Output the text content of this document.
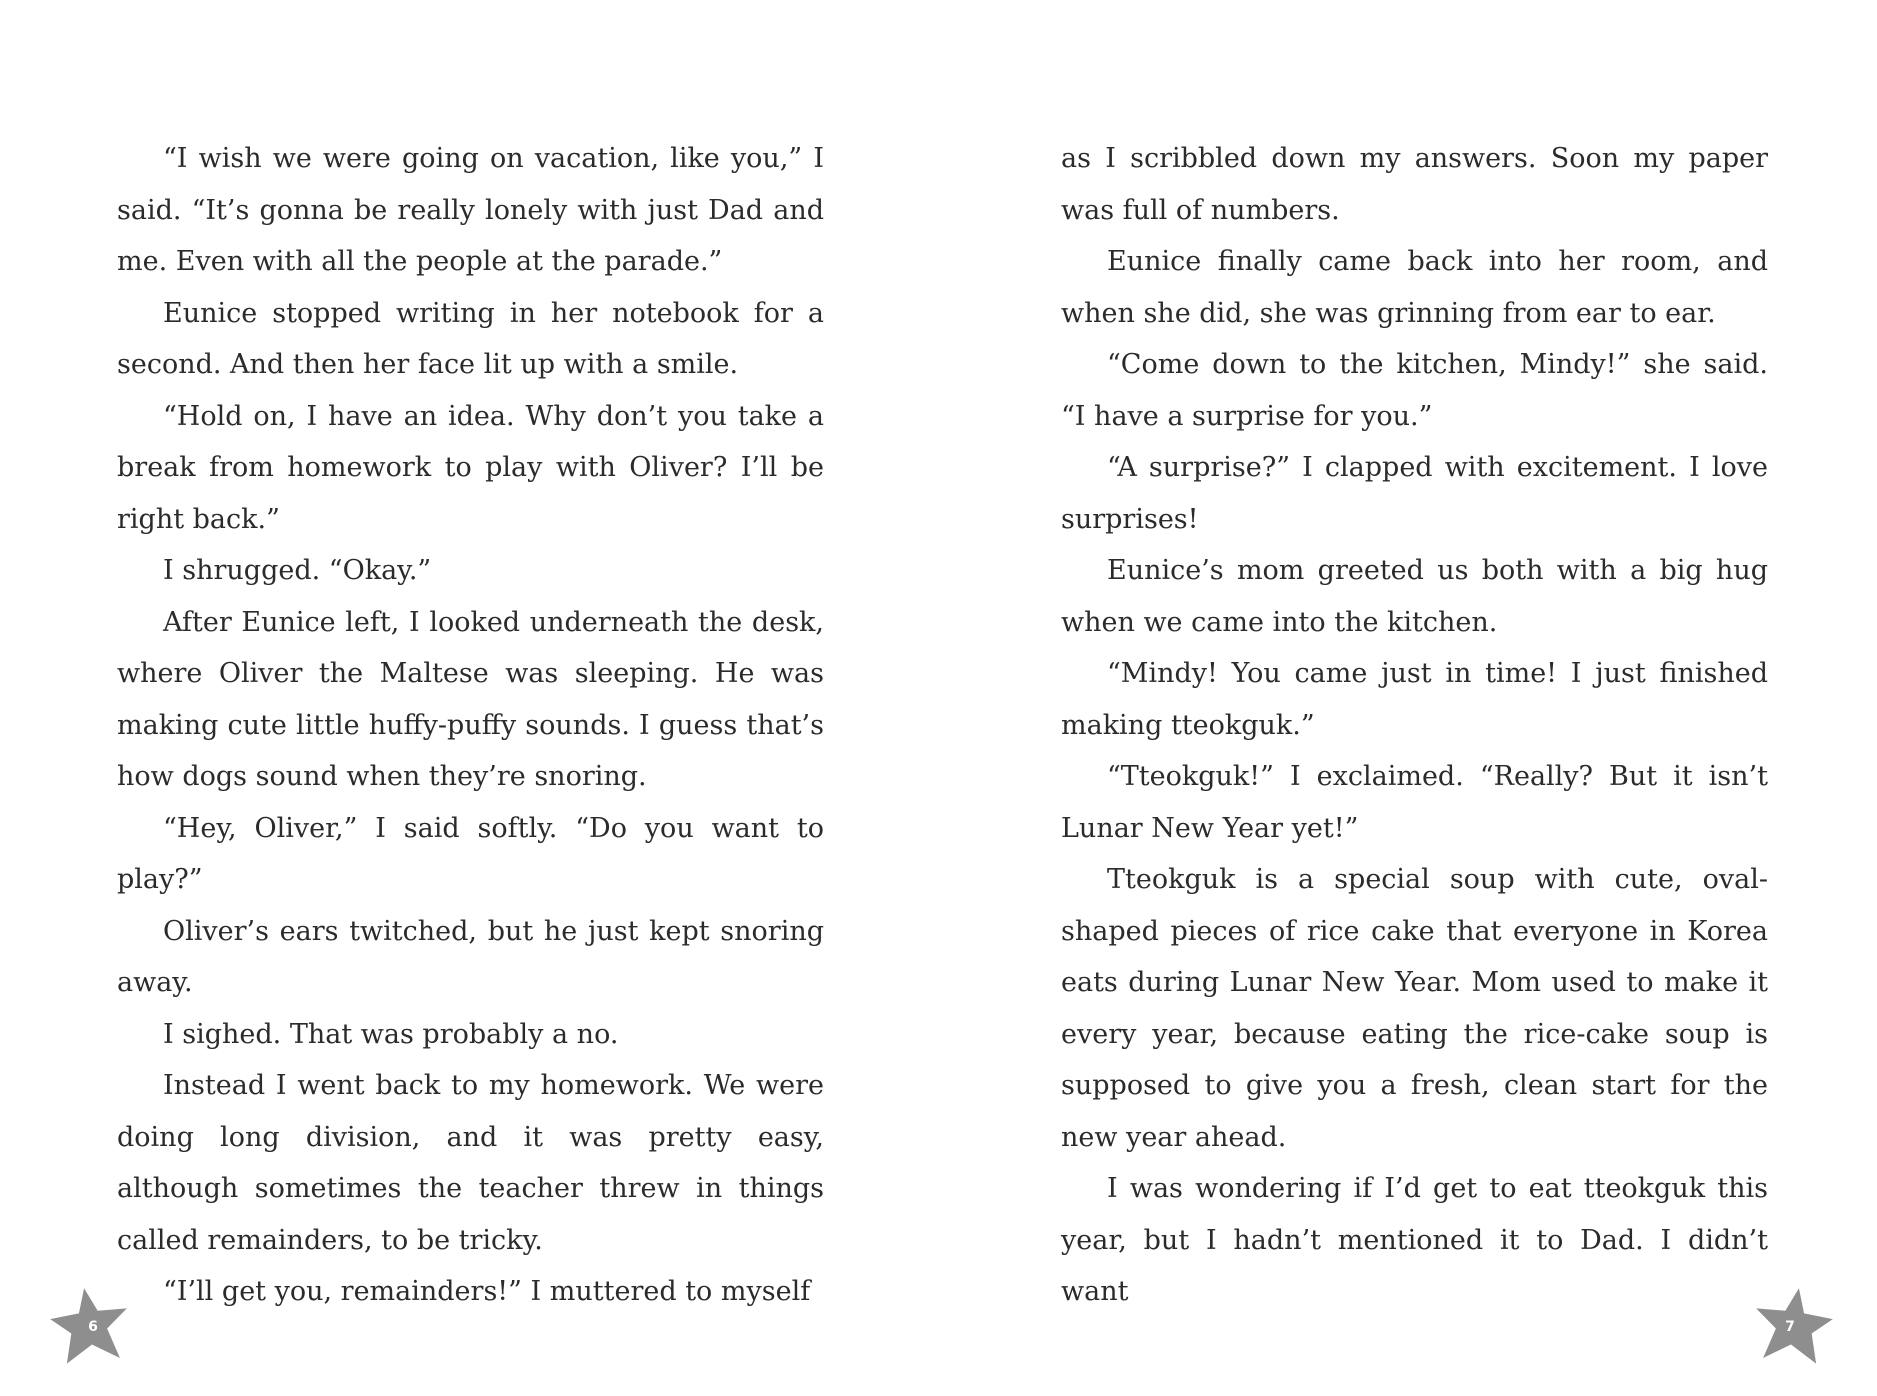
“I wish we were going on vacation, like you,” I said. “It’s gonna be really lonely with just Dad and me. Even with all the people at the parade.”

Eunice stopped writing in her notebook for a second. And then her face lit up with a smile.

“Hold on, I have an idea. Why don’t you take a break from homework to play with Oliver? I’ll be right back.”

I shrugged. “Okay.”

After Eunice left, I looked underneath the desk, where Oliver the Maltese was sleeping. He was making cute little huffy-puffy sounds. I guess that’s how dogs sound when they’re snoring.

“Hey, Oliver,” I said softly. “Do you want to play?”

Oliver’s ears twitched, but he just kept snoring away.

I sighed. That was probably a no.

Instead I went back to my homework. We were doing long division, and it was pretty easy, although sometimes the teacher threw in things called remainders, to be tricky.

“I’ll get you, remainders!” I muttered to myself

6

as I scribbled down my answers. Soon my paper was full of numbers.

Eunice finally came back into her room, and when she did, she was grinning from ear to ear.

“Come down to the kitchen, Mindy!” she said. “I have a surprise for you.”

“A surprise?” I clapped with excitement. I love surprises!

Eunice’s mom greeted us both with a big hug when we came into the kitchen.

“Mindy! You came just in time! I just finished making tteokguk.”

“Tteokguk!” I exclaimed. “Really? But it isn’t Lunar New Year yet!”

Tteokguk is a special soup with cute, oval-shaped pieces of rice cake that everyone in Korea eats during Lunar New Year. Mom used to make it every year, because eating the rice-cake soup is supposed to give you a fresh, clean start for the new year ahead.

I was wondering if I’d get to eat tteokguk this year, but I hadn’t mentioned it to Dad. I didn’t want

7
